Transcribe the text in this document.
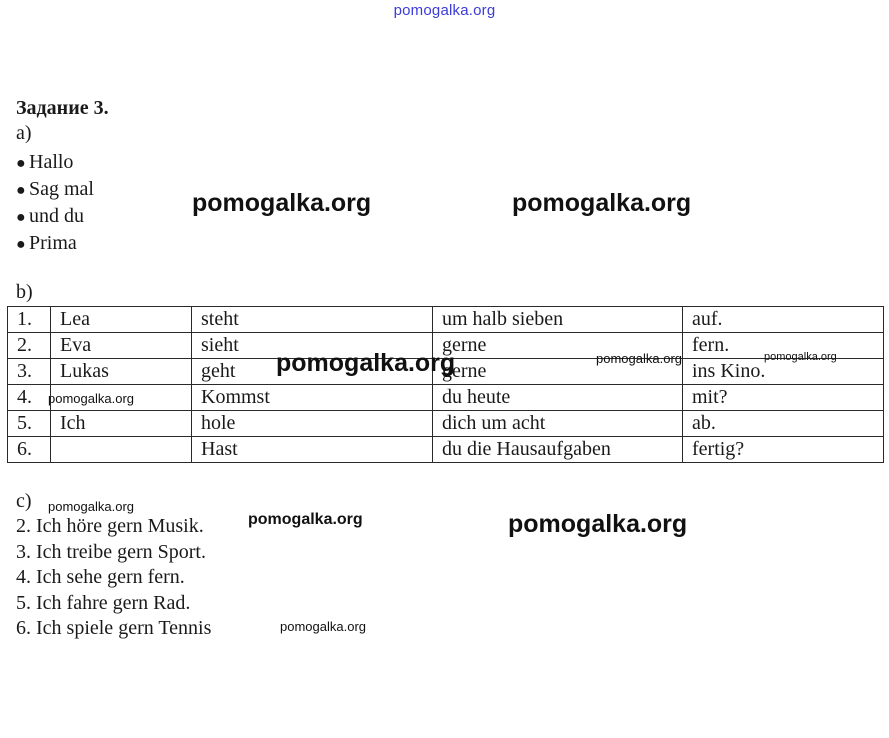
pomogalka.org
Задание 3.
a)
● Hallo
● Sag mal
● und du
● Prima
b)
1.	Lea	steht	um halb sieben	auf.
2.	Eva	sieht	gerne	fern.
3.	Lukas	geht	gerne	ins Kino.
4.		Kommst	du heute	mit?
5.	Ich	hole	dich um acht	ab.
6.		Hast	du die Hausaufgaben	fertig?
c)
2. Ich höre gern Musik.
3. Ich treibe gern Sport.
4. Ich sehe gern fern.
5. Ich fahre gern Rad.
6. Ich spiele gern Tennis
pomogalka.org	pomogalka.org
pomogalka.org	pomogalka.org	pomogalka.org
pomogalka.org
pomogalka.org
pomogalka.org	pomogalka.org
pomogalka.org
